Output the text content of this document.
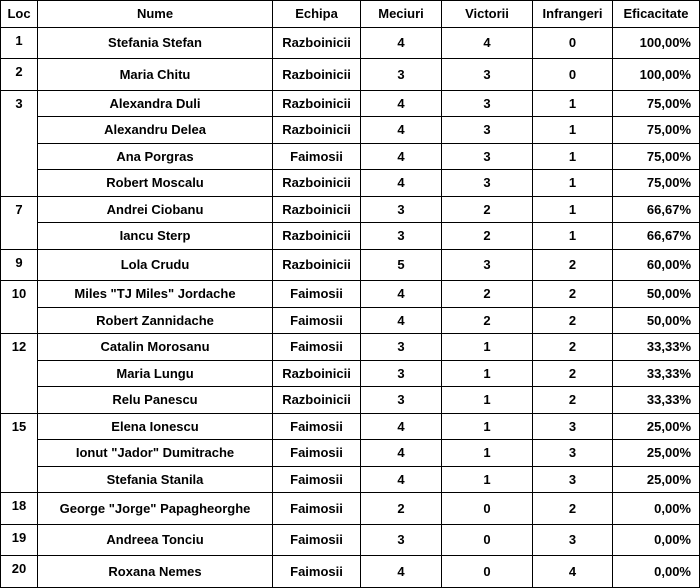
Loc	Nume	Echipa	Meciuri	Victorii	Infrangeri	Eficacitate
1	Stefania Stefan	Razboinicii	4	4	0	100,00%
2	Maria Chitu	Razboinicii	3	3	0	100,00%
3	Alexandra Duli	Razboinicii	4	3	1	75,00%
	Alexandru Delea	Razboinicii	4	3	1	75,00%
	Ana Porgras	Faimosii	4	3	1	75,00%
	Robert Moscalu	Razboinicii	4	3	1	75,00%
7	Andrei Ciobanu	Razboinicii	3	2	1	66,67%
	Iancu Sterp	Razboinicii	3	2	1	66,67%
9	Lola Crudu	Razboinicii	5	3	2	60,00%
10	Miles "TJ Miles" Jordache	Faimosii	4	2	2	50,00%
	Robert Zannidache	Faimosii	4	2	2	50,00%
12	Catalin Morosanu	Faimosii	3	1	2	33,33%
	Maria Lungu	Razboinicii	3	1	2	33,33%
	Relu Panescu	Razboinicii	3	1	2	33,33%
15	Elena Ionescu	Faimosii	4	1	3	25,00%
	Ionut "Jador" Dumitrache	Faimosii	4	1	3	25,00%
	Stefania Stanila	Faimosii	4	1	3	25,00%
18	George "Jorge" Papagheorghe	Faimosii	2	0	2	0,00%
19	Andreea Tonciu	Faimosii	3	0	3	0,00%
20	Roxana Nemes	Faimosii	4	0	4	0,00%
